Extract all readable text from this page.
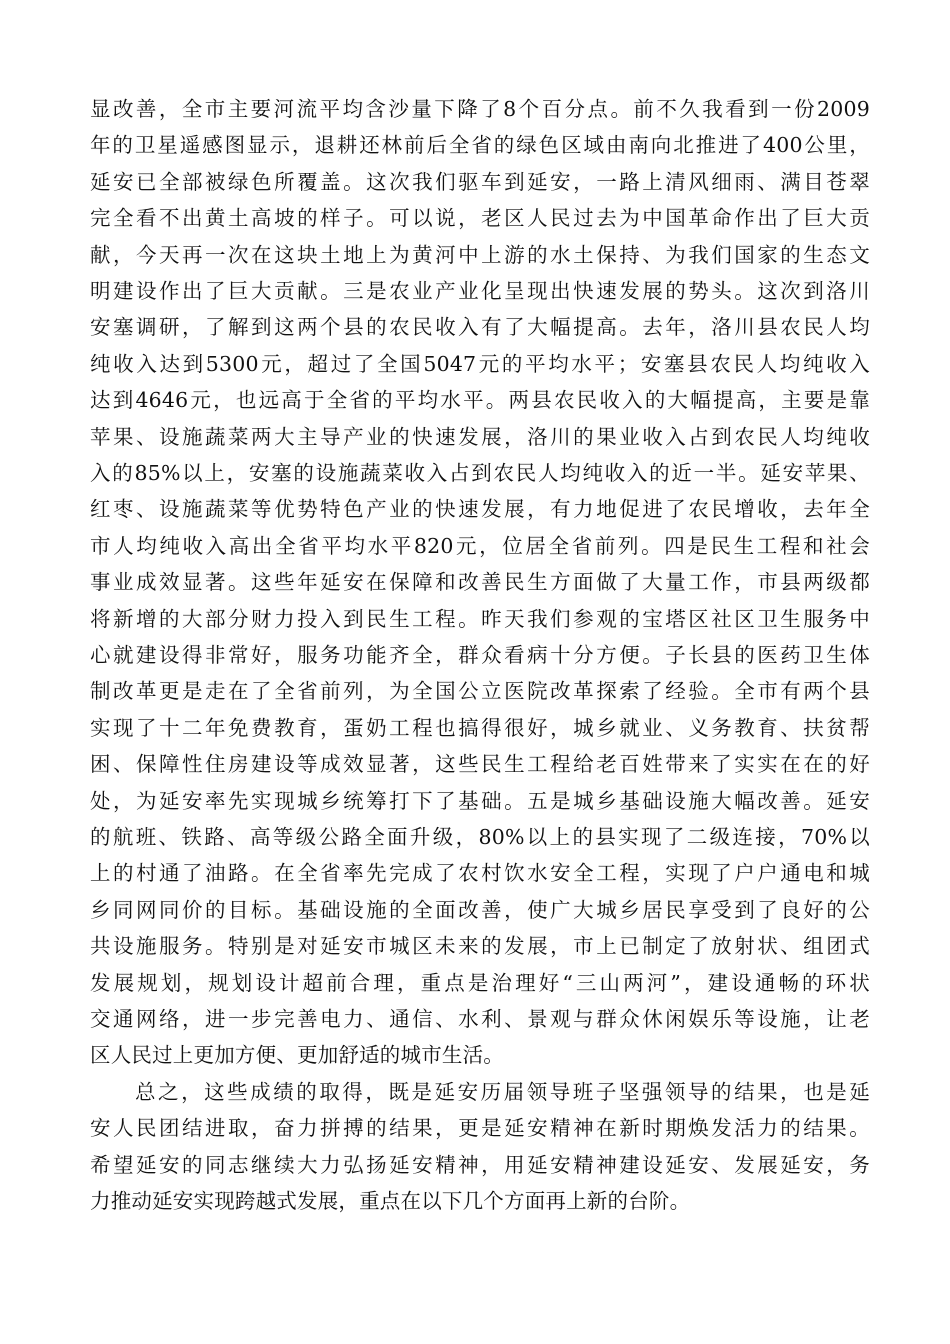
显改善，全市主要河流平均含沙量下降了8个百分点。前不久我看到一份2009
年的卫星遥感图显示，退耕还林前后全省的绿色区域由南向北推进了400公里，
延安已全部被绿色所覆盖。这次我们驱车到延安，一路上清风细雨、满目苍翠
完全看不出黄土高坡的样子。可以说，老区人民过去为中国革命作出了巨大贡
献，今天再一次在这块土地上为黄河中上游的水土保持、为我们国家的生态文
明建设作出了巨大贡献。三是农业产业化呈现出快速发展的势头。这次到洛川
安塞调研，了解到这两个县的农民收入有了大幅提高。去年，洛川县农民人均
纯收入达到5300元，超过了全国5047元的平均水平；安塞县农民人均纯收入
达到4646元，也远高于全省的平均水平。两县农民收入的大幅提高，主要是靠
苹果、设施蔬菜两大主导产业的快速发展，洛川的果业收入占到农民人均纯收
入的85%以上，安塞的设施蔬菜收入占到农民人均纯收入的近一半。延安苹果、
红枣、设施蔬菜等优势特色产业的快速发展，有力地促进了农民增收，去年全
市人均纯收入高出全省平均水平820元，位居全省前列。四是民生工程和社会
事业成效显著。这些年延安在保障和改善民生方面做了大量工作，市县两级都
将新增的大部分财力投入到民生工程。昨天我们参观的宝塔区社区卫生服务中
心就建设得非常好，服务功能齐全，群众看病十分方便。子长县的医药卫生体
制改革更是走在了全省前列，为全国公立医院改革探索了经验。全市有两个县
实现了十二年免费教育，蛋奶工程也搞得很好，城乡就业、义务教育、扶贫帮
困、保障性住房建设等成效显著，这些民生工程给老百姓带来了实实在在的好
处，为延安率先实现城乡统筹打下了基础。五是城乡基础设施大幅改善。延安
的航班、铁路、高等级公路全面升级，80%以上的县实现了二级连接，70%以
上的村通了油路。在全省率先完成了农村饮水安全工程，实现了户户通电和城
乡同网同价的目标。基础设施的全面改善，使广大城乡居民享受到了良好的公
共设施服务。特别是对延安市城区未来的发展，市上已制定了放射状、组团式
发展规划，规划设计超前合理，重点是治理好“三山两河”，建设通畅的环状
交通网络，进一步完善电力、通信、水利、景观与群众休闲娱乐等设施，让老
区人民过上更加方便、更加舒适的城市生活。
总之，这些成绩的取得，既是延安历届领导班子坚强领导的结果，也是延
安人民团结进取，奋力拼搏的结果，更是延安精神在新时期焕发活力的结果。
希望延安的同志继续大力弘扬延安精神，用延安精神建设延安、发展延安，务
力推动延安实现跨越式发展，重点在以下几个方面再上新的台阶。
